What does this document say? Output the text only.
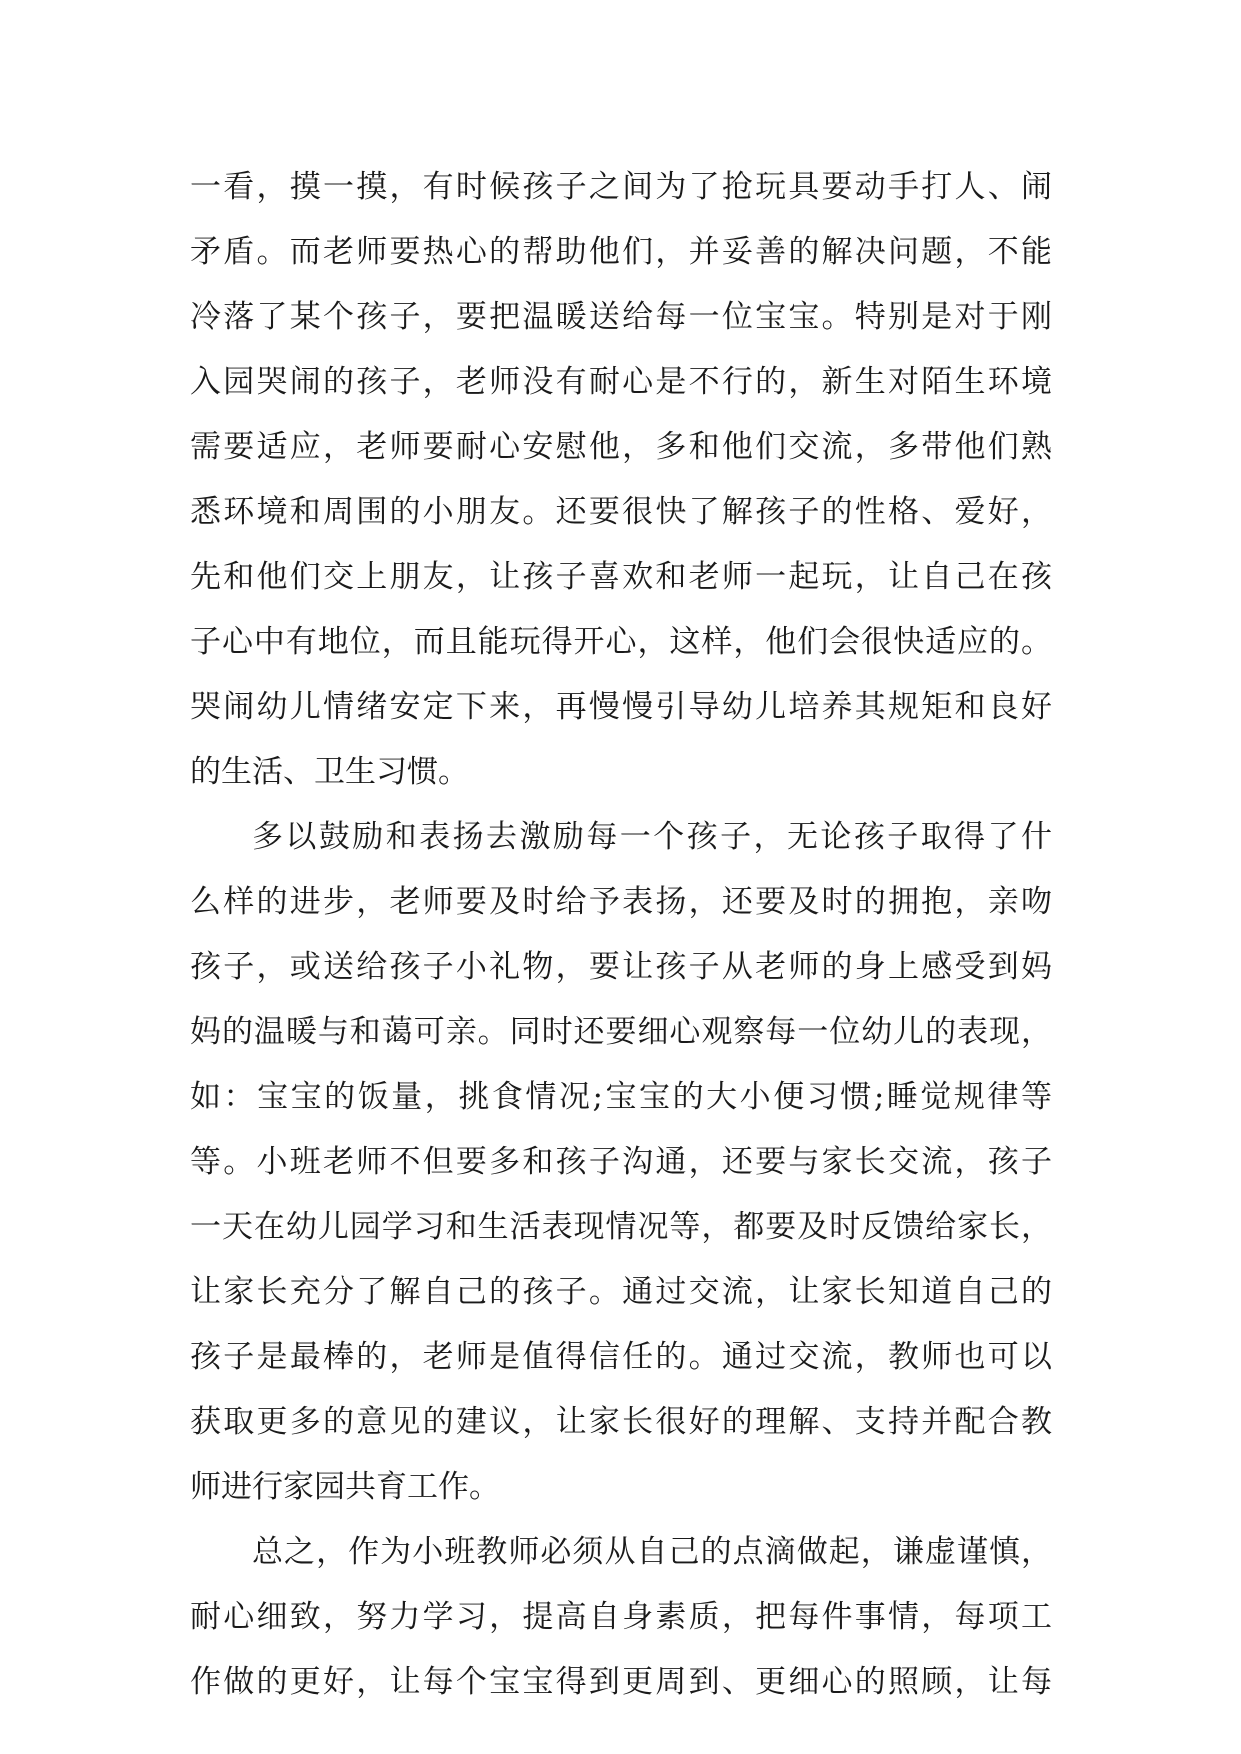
一看，摸一摸，有时候孩子之间为了抢玩具要动手打人、闹
矛盾。而老师要热心的帮助他们，并妥善的解决问题，不能
冷落了某个孩子，要把温暖送给每一位宝宝。特别是对于刚
入园哭闹的孩子，老师没有耐心是不行的，新生对陌生环境
需要适应，老师要耐心安慰他，多和他们交流，多带他们熟
悉环境和周围的小朋友。还要很快了解孩子的性格、爱好，
先和他们交上朋友，让孩子喜欢和老师一起玩，让自己在孩
子心中有地位，而且能玩得开心，这样，他们会很快适应的。
哭闹幼儿情绪安定下来，再慢慢引导幼儿培养其规矩和良好
的生活、卫生习惯。
多以鼓励和表扬去激励每一个孩子，无论孩子取得了什
么样的进步，老师要及时给予表扬，还要及时的拥抱，亲吻
孩子，或送给孩子小礼物，要让孩子从老师的身上感受到妈
妈的温暖与和蔼可亲。同时还要细心观察每一位幼儿的表现，
如：宝宝的饭量，挑食情况;宝宝的大小便习惯;睡觉规律等
等。小班老师不但要多和孩子沟通，还要与家长交流，孩子
一天在幼儿园学习和生活表现情况等，都要及时反馈给家长，
让家长充分了解自己的孩子。通过交流，让家长知道自己的
孩子是最棒的，老师是值得信任的。通过交流，教师也可以
获取更多的意见的建议，让家长很好的理解、支持并配合教
师进行家园共育工作。
总之，作为小班教师必须从自己的点滴做起，谦虚谨慎，
耐心细致，努力学习，提高自身素质，把每件事情，每项工
作做的更好，让每个宝宝得到更周到、更细心的照顾，让每
